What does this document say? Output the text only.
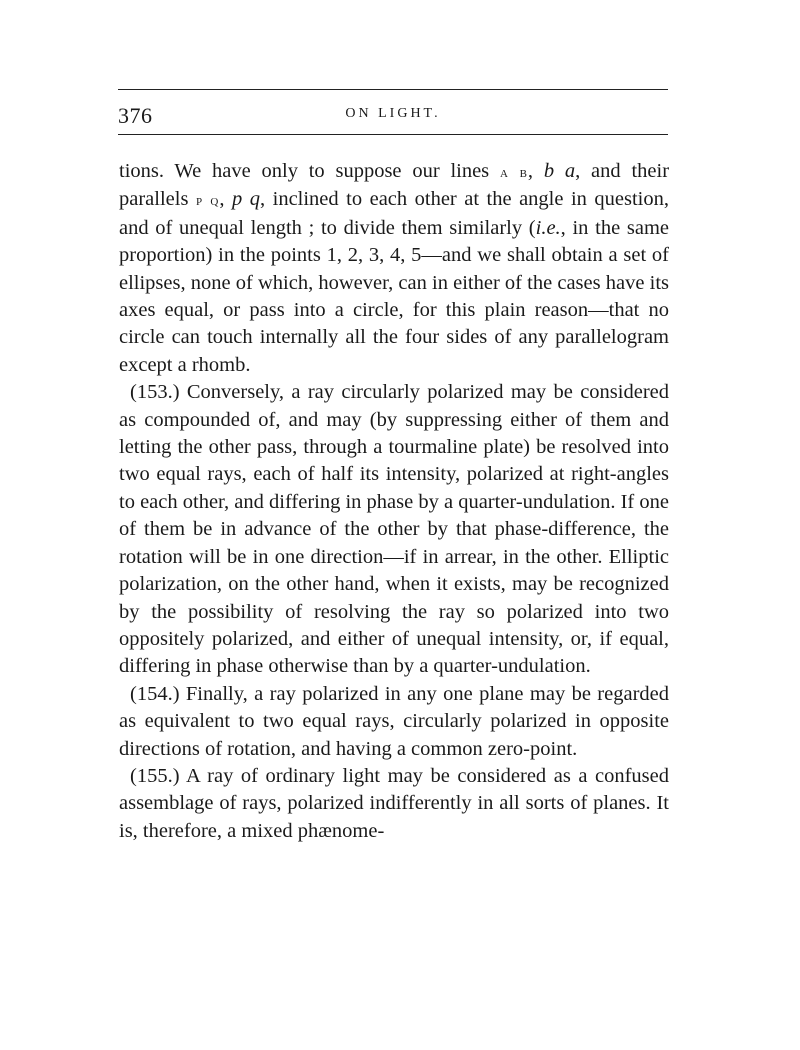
376	ON LIGHT.

tions. We have only to suppose our lines a b, b a, and their parallels p q, p q, inclined to each other at the angle in question, and of unequal length ; to divide them similarly (i.e., in the same proportion) in the points 1, 2, 3, 4, 5—and we shall obtain a set of ellipses, none of which, however, can in either of the cases have its axes equal, or pass into a circle, for this plain reason—that no circle can touch internally all the four sides of any parallelogram except a rhomb.

(153.) Conversely, a ray circularly polarized may be considered as compounded of, and may (by suppressing either of them and letting the other pass, through a tourmaline plate) be resolved into two equal rays, each of half its intensity, polarized at right-angles to each other, and differing in phase by a quarter-undulation. If one of them be in advance of the other by that phase-difference, the rotation will be in one direction—if in arrear, in the other. Elliptic polarization, on the other hand, when it exists, may be recognized by the possibility of resolving the ray so polarized into two oppositely polarized, and either of unequal intensity, or, if equal, differing in phase otherwise than by a quarter-undulation.

(154.) Finally, a ray polarized in any one plane may be regarded as equivalent to two equal rays, circularly polarized in opposite directions of rotation, and having a common zero-point.

(155.) A ray of ordinary light may be considered as a confused assemblage of rays, polarized indifferently in all sorts of planes. It is, therefore, a mixed phænome-
